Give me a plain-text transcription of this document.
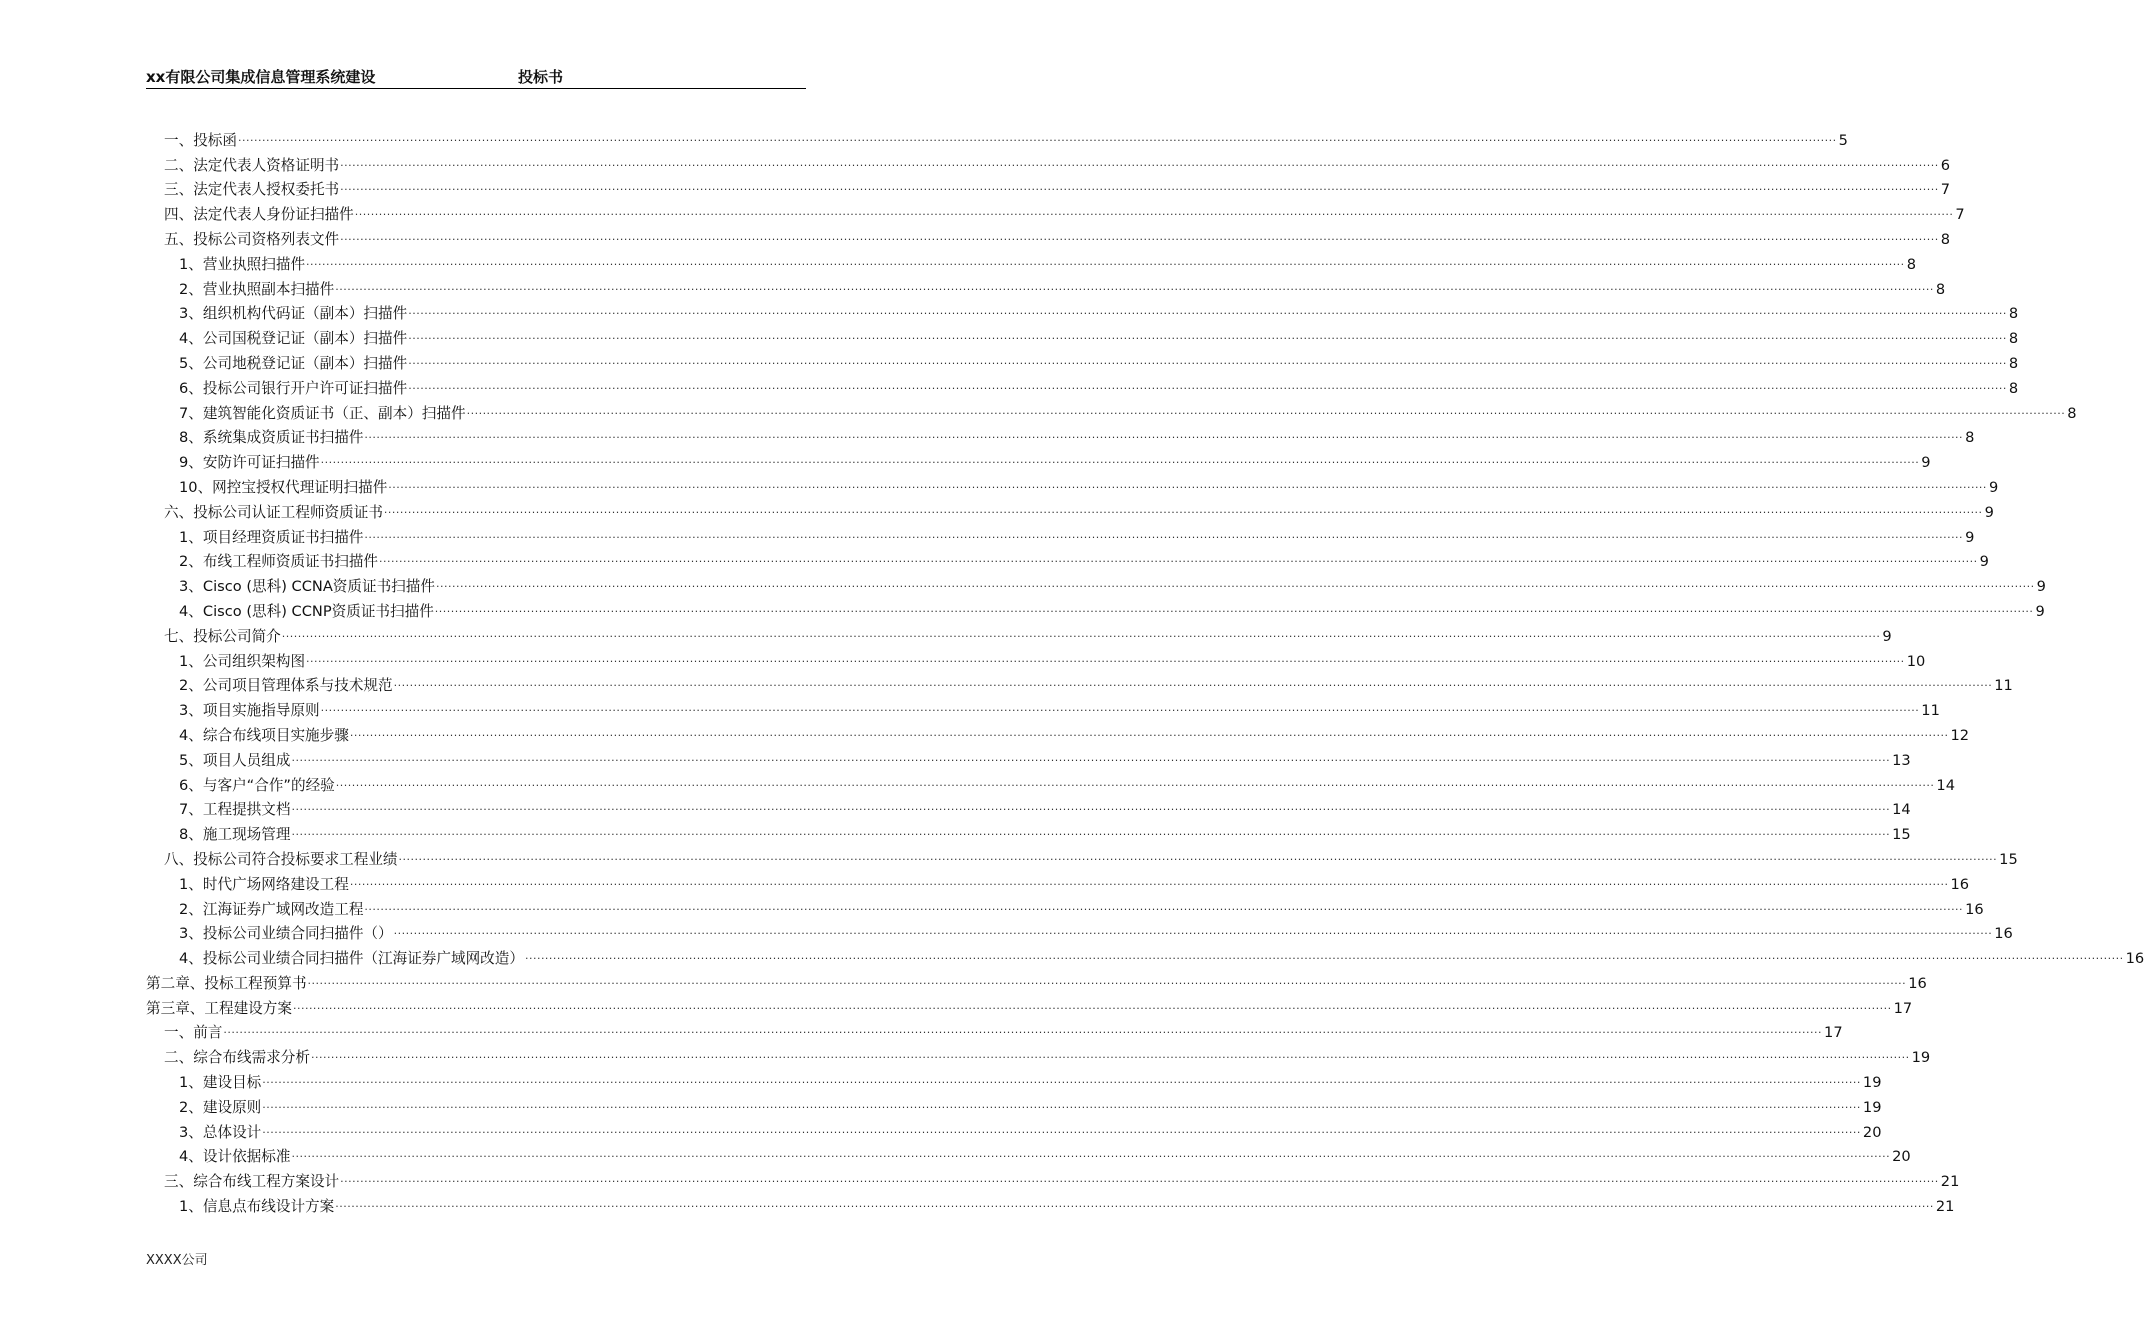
xx有限公司集成信息管理系统建设	投标书
一、投标函 ................................................................................................................................................................................................................................................................................................................................................................................................................ 5
二、法定代表人资格证明书 ................................................................................................................................................................................................................................................................................................................................................................................................................ 6
三、法定代表人授权委托书 ................................................................................................................................................................................................................................................................................................................................................................................................................ 7
四、法定代表人身份证扫描件 ................................................................................................................................................................................................................................................................................................................................................................................................................ 7
五、投标公司资格列表文件 ................................................................................................................................................................................................................................................................................................................................................................................................................ 8
1、营业执照扫描件 ................................................................................................................................................................................................................................................................................................................................................................................................................ 8
2、营业执照副本扫描件 ................................................................................................................................................................................................................................................................................................................................................................................................................ 8
3、组织机构代码证（副本）扫描件 ................................................................................................................................................................................................................................................................................................................................................................................................................ 8
4、公司国税登记证（副本）扫描件 ................................................................................................................................................................................................................................................................................................................................................................................................................ 8
5、公司地税登记证（副本）扫描件 ................................................................................................................................................................................................................................................................................................................................................................................................................ 8
6、投标公司银行开户许可证扫描件 ................................................................................................................................................................................................................................................................................................................................................................................................................ 8
7、建筑智能化资质证书（正、副本）扫描件 ................................................................................................................................................................................................................................................................................................................................................................................................................ 8
8、系统集成资质证书扫描件 ................................................................................................................................................................................................................................................................................................................................................................................................................ 8
9、安防许可证扫描件 ................................................................................................................................................................................................................................................................................................................................................................................................................ 9
10、网控宝授权代理证明扫描件 ................................................................................................................................................................................................................................................................................................................................................................................................................ 9
六、投标公司认证工程师资质证书 ................................................................................................................................................................................................................................................................................................................................................................................................................ 9
1、项目经理资质证书扫描件 ................................................................................................................................................................................................................................................................................................................................................................................................................ 9
2、布线工程师资质证书扫描件 ................................................................................................................................................................................................................................................................................................................................................................................................................ 9
3、Cisco (思科) CCNA资质证书扫描件 ................................................................................................................................................................................................................................................................................................................................................................................................................ 9
4、Cisco (思科) CCNP资质证书扫描件 ................................................................................................................................................................................................................................................................................................................................................................................................................ 9
七、投标公司简介 ................................................................................................................................................................................................................................................................................................................................................................................................................ 9
1、公司组织架构图 ................................................................................................................................................................................................................................................................................................................................................................................................................ 10
2、公司项目管理体系与技术规范 ................................................................................................................................................................................................................................................................................................................................................................................................................ 11
3、项目实施指导原则 ................................................................................................................................................................................................................................................................................................................................................................................................................ 11
4、综合布线项目实施步骤 ................................................................................................................................................................................................................................................................................................................................................................................................................ 12
5、项目人员组成 ................................................................................................................................................................................................................................................................................................................................................................................................................ 13
6、与客户“合作”的经验 ................................................................................................................................................................................................................................................................................................................................................................................................................ 14
7、工程提拱文档 ................................................................................................................................................................................................................................................................................................................................................................................................................ 14
8、施工现场管理 ................................................................................................................................................................................................................................................................................................................................................................................................................ 15
八、投标公司符合投标要求工程业绩 ................................................................................................................................................................................................................................................................................................................................................................................................................ 15
1、时代广场网络建设工程 ................................................................................................................................................................................................................................................................................................................................................................................................................ 16
2、江海证券广域网改造工程 ................................................................................................................................................................................................................................................................................................................................................................................................................ 16
3、投标公司业绩合同扫描件（） ................................................................................................................................................................................................................................................................................................................................................................................................................ 16
4、投标公司业绩合同扫描件（江海证券广域网改造） ................................................................................................................................................................................................................................................................................................................................................................................................................ 16
第二章、投标工程预算书 ................................................................................................................................................................................................................................................................................................................................................................................................................ 16
第三章、工程建设方案 ................................................................................................................................................................................................................................................................................................................................................................................................................ 17
一、前言 ................................................................................................................................................................................................................................................................................................................................................................................................................ 17
二、综合布线需求分析 ................................................................................................................................................................................................................................................................................................................................................................................................................ 19
1、建设目标 ................................................................................................................................................................................................................................................................................................................................................................................................................ 19
2、建设原则 ................................................................................................................................................................................................................................................................................................................................................................................................................ 19
3、总体设计 ................................................................................................................................................................................................................................................................................................................................................................................................................ 20
4、设计依据标准 ................................................................................................................................................................................................................................................................................................................................................................................................................ 20
三、综合布线工程方案设计 ................................................................................................................................................................................................................................................................................................................................................................................................................ 21
1、信息点布线设计方案 ................................................................................................................................................................................................................................................................................................................................................................................................................ 21
XXXX公司
